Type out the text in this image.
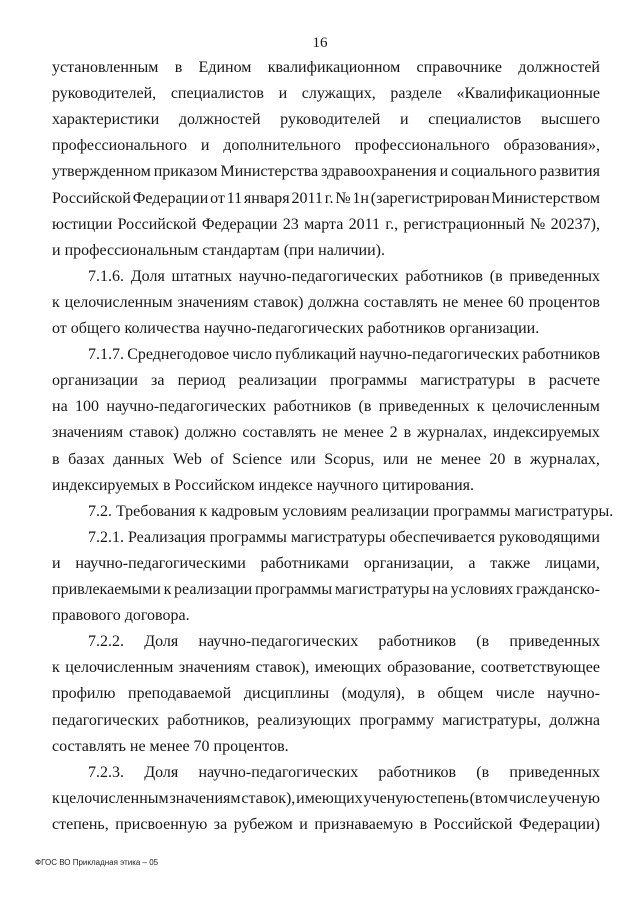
16
установленным в Едином квалификационном справочнике должностей
руководителей, специалистов и служащих, разделе «Квалификационные
характеристики должностей руководителей и специалистов высшего
профессионального и дополнительного профессионального образования»,
утвержденном приказом Министерства здравоохранения и социального развития
Российской Федерации от 11 января 2011 г. № 1н (зарегистрирован Министерством
юстиции Российской Федерации 23 марта 2011 г., регистрационный № 20237),
и профессиональным стандартам (при наличии).
7.1.6. Доля штатных научно-педагогических работников (в приведенных
к целочисленным значениям ставок) должна составлять не менее 60 процентов
от общего количества научно-педагогических работников организации.
7.1.7. Среднегодовое число публикаций научно-педагогических работников
организации за период реализации программы магистратуры в расчете
на 100 научно-педагогических работников (в приведенных к целочисленным
значениям ставок) должно составлять не менее 2 в журналах, индексируемых
в базах данных Web of Science или Scopus, или не менее 20 в журналах,
индексируемых в Российском индексе научного цитирования.
7.2. Требования к кадровым условиям реализации программы магистратуры.
7.2.1. Реализация программы магистратуры обеспечивается руководящими
и научно-педагогическими работниками организации, а также лицами,
привлекаемыми к реализации программы магистратуры на условиях гражданско-
правового договора.
7.2.2. Доля научно-педагогических работников (в приведенных
к целочисленным значениям ставок), имеющих образование, соответствующее
профилю преподаваемой дисциплины (модуля), в общем числе научно-
педагогических работников, реализующих программу магистратуры, должна
составлять не менее 70 процентов.
7.2.3. Доля научно-педагогических работников (в приведенных
к целочисленным значениям ставок), имеющих ученую степень (в том числе ученую
степень, присвоенную за рубежом и признаваемую в Российской Федерации)
ФГОС ВО Прикладная этика – 05
